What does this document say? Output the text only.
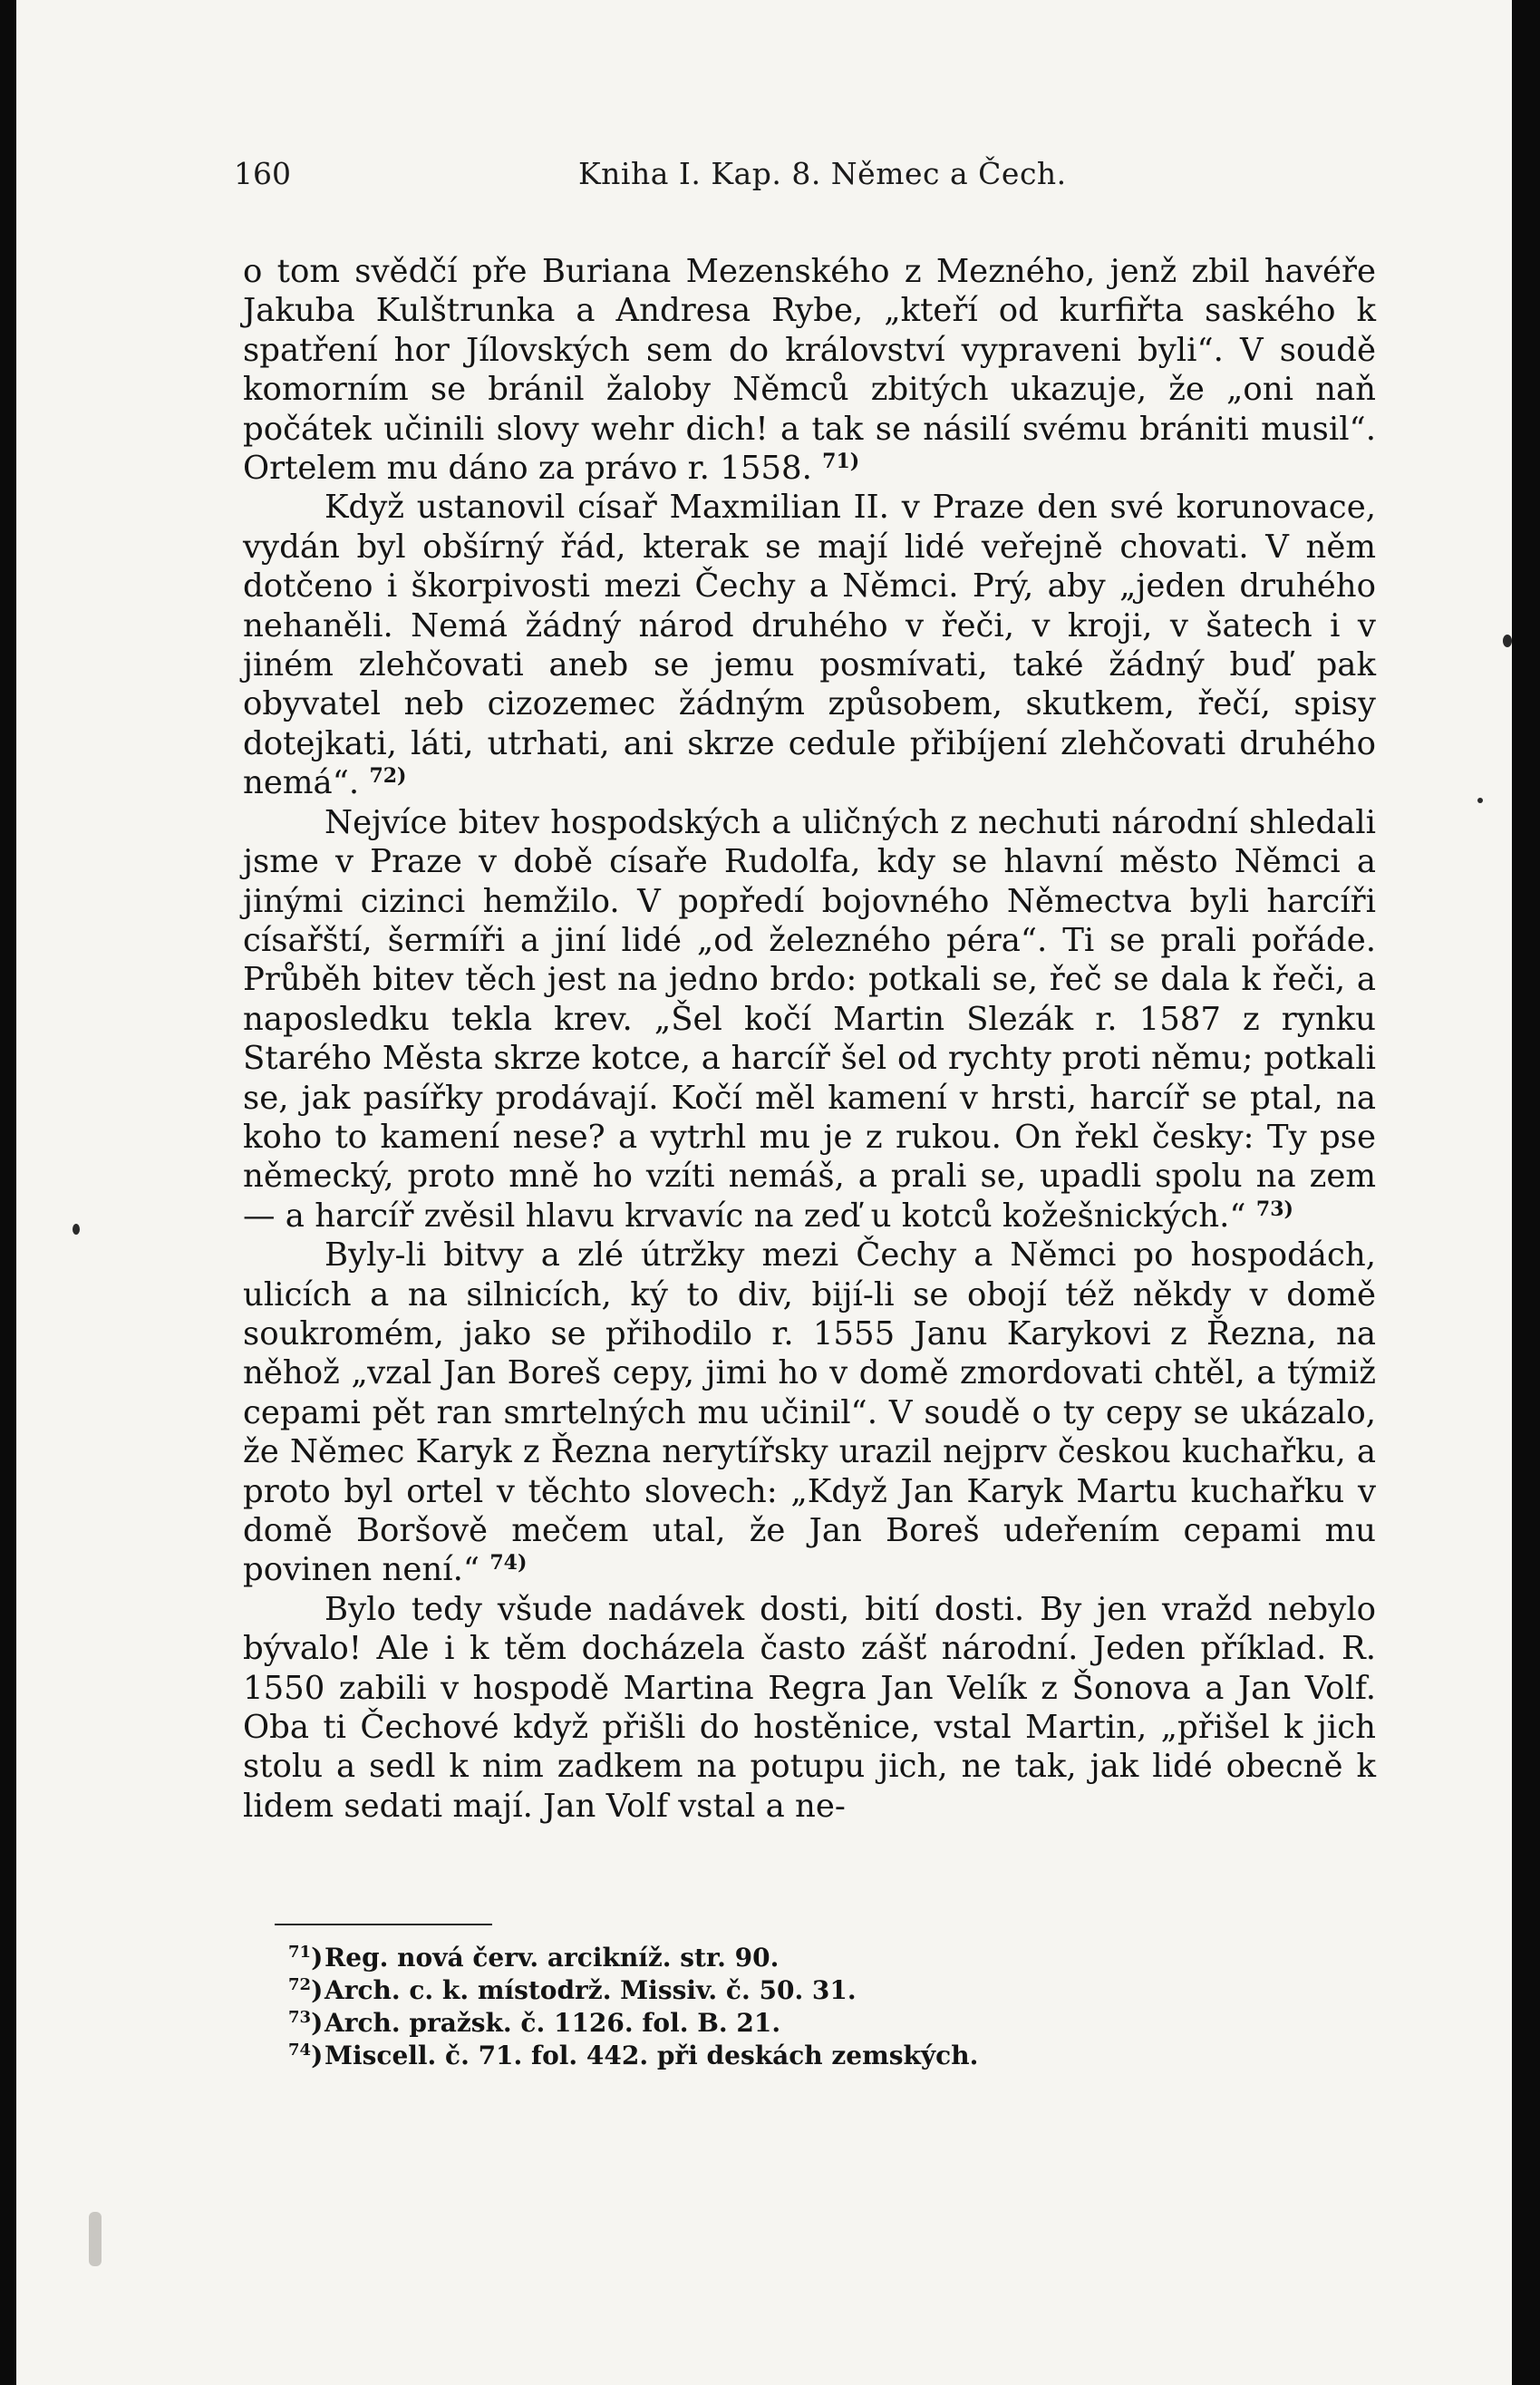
160	Kniha I. Kap. 8. Němec a Čech.

o tom svědčí pře Buriana Mezenského z Mezného, jenž zbil havéře Jakuba Kulštrunka a Andresa Rybe, „kteří od kurfiřta saského k spatření hor Jílovských sem do království vypraveni byli“. V soudě komorním se bránil žaloby Němců zbitých ukazuje, že „oni naň počátek učinili slovy wehr dich! a tak se násilí svému brániti musil“. Ortelem mu dáno za právo r. 1558. $^{71)}$

Když ustanovil císař Maxmilian II. v Praze den své korunovace, vydán byl obšírný řád, kterak se mají lidé veřejně chovati. V něm dotčeno i škorpivosti mezi Čechy a Němci. Prý, aby „jeden druhého nehaněli. Nemá žádný národ druhého v řeči, v kroji, v šatech i v jiném zlehčovati aneb se jemu posmívati, také žádný buď pak obyvatel neb cizozemec žádným způsobem, skutkem, řečí, spisy dotejkati, láti, utrhati, ani skrze cedule přibíjení zlehčovati druhého nemá“. $^{72)}$

Nejvíce bitev hospodských a uličných z nechuti národní shledali jsme v Praze v době císaře Rudolfa, kdy se hlavní město Němci a jinými cizinci hemžilo. V popředí bojovného Němectva byli harcíři císařští, šermíři a jiní lidé „od železného péra“. Ti se prali pořáde. Průběh bitev těch jest na jedno brdo: potkali se, řeč se dala k řeči, a naposledku tekla krev. „Šel kočí Martin Slezák r. 1587 z rynku Starého Města skrze kotce, a harcíř šel od rychty proti němu; potkali se, jak pasířky prodávají. Kočí měl kamení v hrsti, harcíř se ptal, na koho to kamení nese? a vytrhl mu je z rukou. On řekl česky: Ty pse německý, proto mně ho vzíti nemáš, a prali se, upadli spolu na zem — a harcíř zvěsil hlavu krvavíc na zeď u kotců kožešnických.“ $^{73)}$

Byly-li bitvy a zlé útržky mezi Čechy a Němci po hospodách, ulicích a na silnicích, ký to div, bijí-li se obojí též někdy v domě soukromém, jako se přihodilo r. 1555 Janu Karykovi z Řezna, na něhož „vzal Jan Boreš cepy, jimi ho v domě zmordovati chtěl, a týmiž cepami pět ran smrtelných mu učinil“. V soudě o ty cepy se ukázalo, že Němec Karyk z Řezna nerytířsky urazil nejprv českou kuchařku, a proto byl ortel v těchto slovech: „Když Jan Karyk Martu kuchařku v domě Boršově mečem utal, že Jan Boreš udeřením cepami mu povinen není.“ $^{74)}$

Bylo tedy všude nadávek dosti, bití dosti. By jen vražd nebylo bývalo! Ale i k těm docházela často zášť národní. Jeden příklad. R. 1550 zabili v hospodě Martina Regra Jan Velík z Šonova a Jan Volf. Oba ti Čechové když přišli do hostěnice, vstal Martin, „přišel k jich stolu a sedl k nim zadkem na potupu jich, ne tak, jak lidé obecně k lidem sedati mají. Jan Volf vstal a ne-

$^{71}$)Reg. nová červ. arcikníž. str. 90.
$^{72}$)Arch. c. k. místodrž. Missiv. č. 50. 31.
$^{73}$)Arch. pražsk. č. 1126. fol. B. 21.
$^{74}$)Miscell. č. 71. fol. 442. při deskách zemských.
